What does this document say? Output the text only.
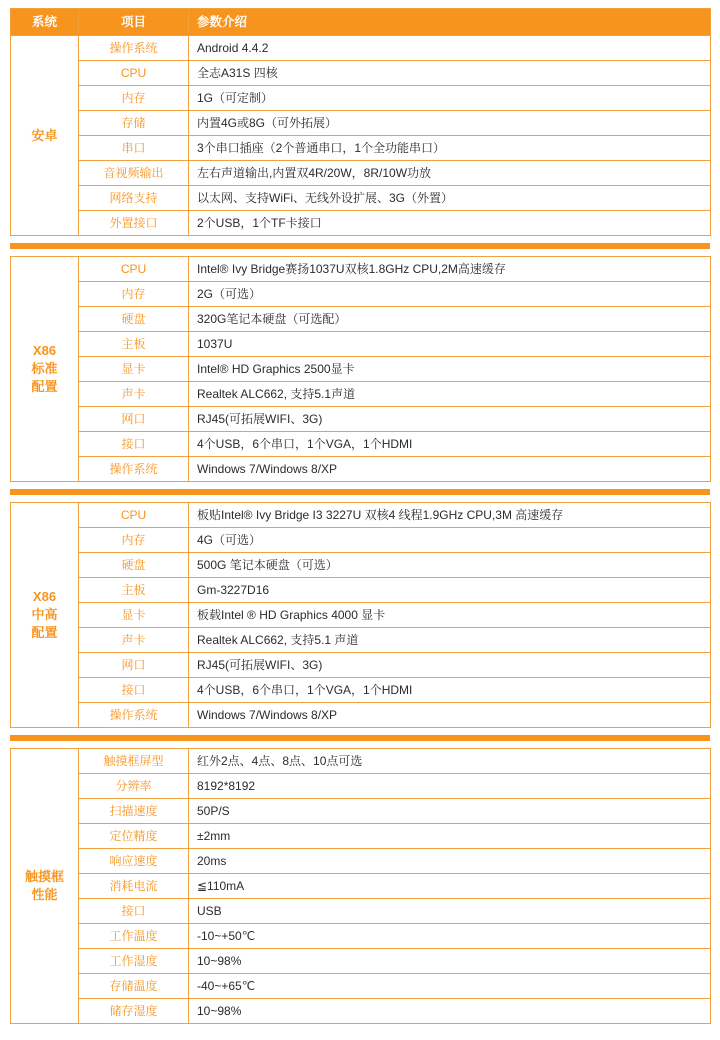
系统	项目	参数介绍
安卓	操作系统	Android 4.4.2
	CPU	全志A31S 四核
	内存	1G（可定制）
	存储	内置4G或8G（可外拓展）
	串口	3个串口插座（2个普通串口，1个全功能串口）
	音视频输出	左右声道输出,内置双4R/20W，8R/10W功放
	网络支持	以太网、支持WiFi、无线外设扩展、3G（外置）
	外置接口	2个USB，1个TF卡接口
X86
标准
配置	CPU	Intel® Ivy Bridge赛扬1037U双核1.8GHz CPU,2M高速缓存
	内存	2G（可选）
	硬盘	320G笔记本硬盘（可选配）
	主板	1037U
	显卡	Intel® HD Graphics 2500显卡
	声卡	Realtek ALC662, 支持5.1声道
	网口	RJ45(可拓展WIFI、3G)
	接口	4个USB，6个串口，1个VGA，1个HDMI
	操作系统	Windows 7/Windows 8/XP
X86
中高
配置	CPU	板贴Intel® Ivy Bridge I3 3227U 双核4 线程1.9GHz CPU,3M 高速缓存
	内存	4G（可选）
	硬盘	500G 笔记本硬盘（可选）
	主板	Gm-3227D16
	显卡	板载Intel ® HD Graphics 4000 显卡
	声卡	Realtek ALC662, 支持5.1 声道
	网口	RJ45(可拓展WIFI、3G)
	接口	4个USB，6个串口，1个VGA，1个HDMI
	操作系统	Windows 7/Windows 8/XP
触摸框
性能	触摸框屏型	红外2点、4点、8点、10点可选
	分辨率	8192*8192
	扫描速度	50P/S
	定位精度	±2mm
	响应速度	20ms
	消耗电流	≦110mA
	接口	USB
	工作温度	-10~+50℃
	工作湿度	10~98%
	存储温度	-40~+65℃
	储存湿度	10~98%
